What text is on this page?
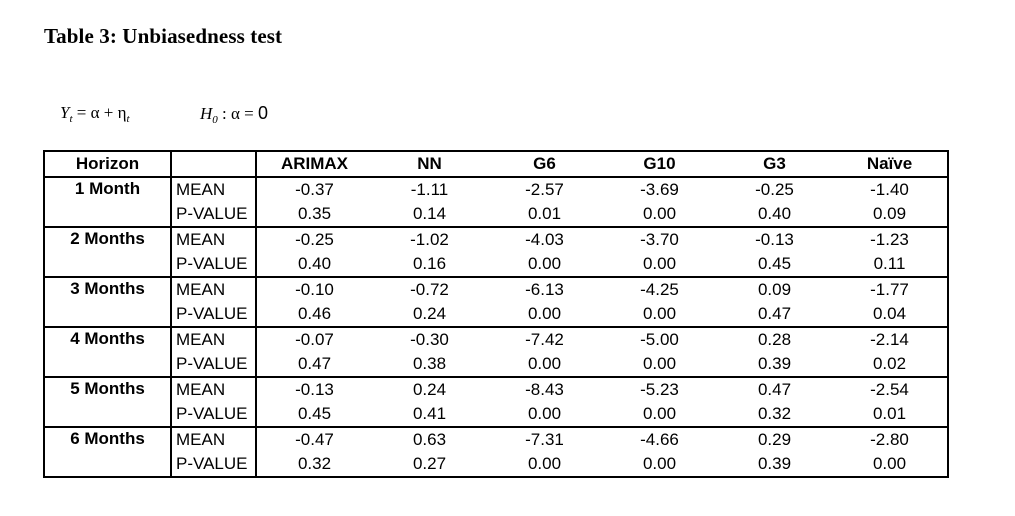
Table 3: Unbiasedness test
$Y_t = \alpha + \eta_t$	$H_0$ : α = 0
Horizon		ARIMAX	NN	G6	G10	G3	Naïve
1 Month	MEAN	-0.37	-1.11	-2.57	-3.69	-0.25	-1.40
	P-VALUE	0.35	0.14	0.01	0.00	0.40	0.09
2 Months	MEAN	-0.25	-1.02	-4.03	-3.70	-0.13	-1.23
	P-VALUE	0.40	0.16	0.00	0.00	0.45	0.11
3 Months	MEAN	-0.10	-0.72	-6.13	-4.25	0.09	-1.77
	P-VALUE	0.46	0.24	0.00	0.00	0.47	0.04
4 Months	MEAN	-0.07	-0.30	-7.42	-5.00	0.28	-2.14
	P-VALUE	0.47	0.38	0.00	0.00	0.39	0.02
5 Months	MEAN	-0.13	0.24	-8.43	-5.23	0.47	-2.54
	P-VALUE	0.45	0.41	0.00	0.00	0.32	0.01
6 Months	MEAN	-0.47	0.63	-7.31	-4.66	0.29	-2.80
	P-VALUE	0.32	0.27	0.00	0.00	0.39	0.00
